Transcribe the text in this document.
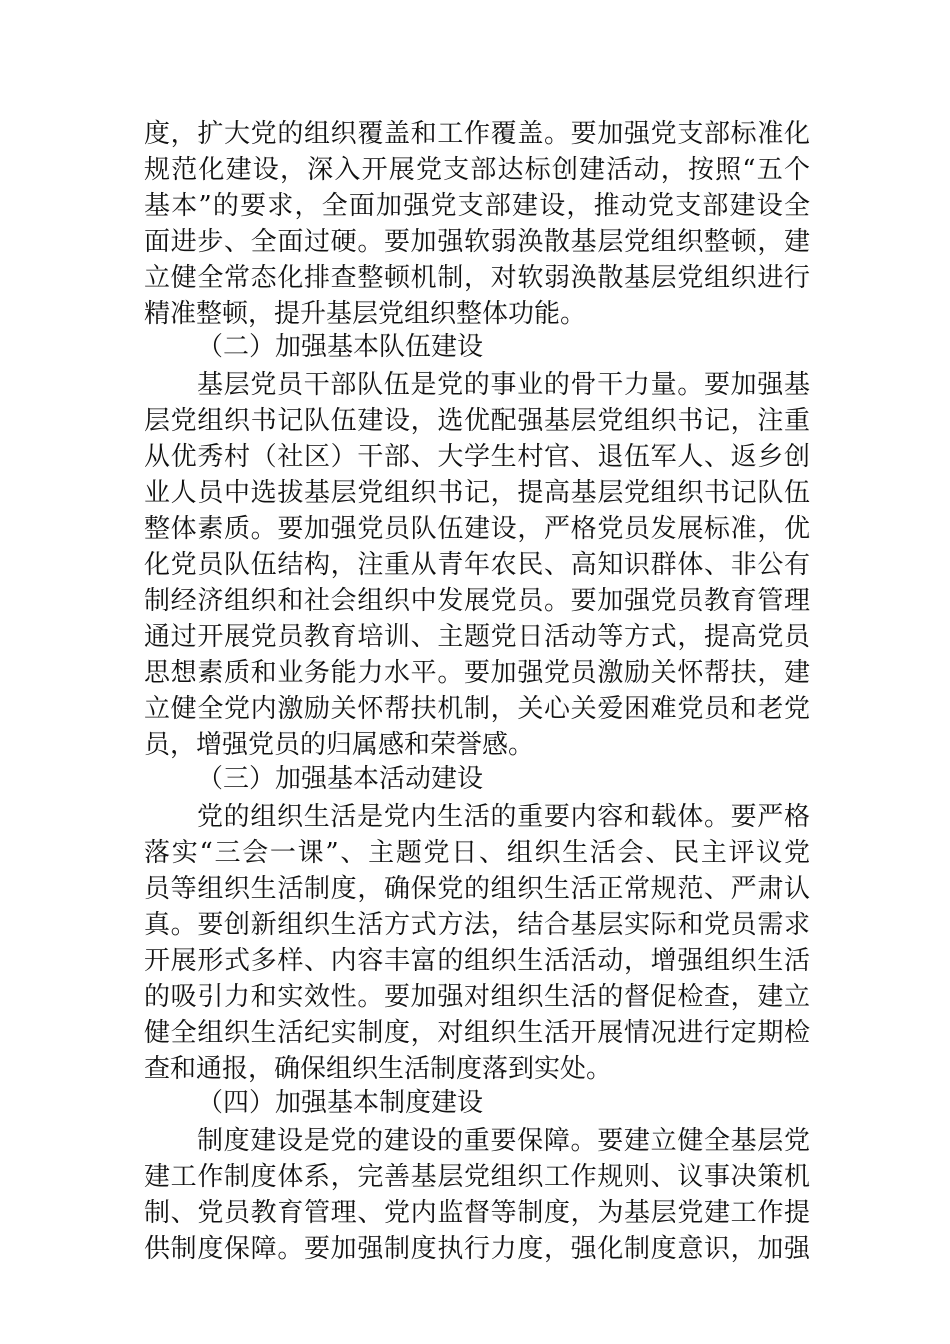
度，扩大党的组织覆盖和工作覆盖。要加强党支部标准化
规范化建设，深入开展党支部达标创建活动，按照“五个
基本”的要求，全面加强党支部建设，推动党支部建设全
面进步、全面过硬。要加强软弱涣散基层党组织整顿，建
立健全常态化排查整顿机制，对软弱涣散基层党组织进行
精准整顿，提升基层党组织整体功能。
（二）加强基本队伍建设
基层党员干部队伍是党的事业的骨干力量。要加强基
层党组织书记队伍建设，选优配强基层党组织书记，注重
从优秀村（社区）干部、大学生村官、退伍军人、返乡创
业人员中选拔基层党组织书记，提高基层党组织书记队伍
整体素质。要加强党员队伍建设，严格党员发展标准，优
化党员队伍结构，注重从青年农民、高知识群体、非公有
制经济组织和社会组织中发展党员。要加强党员教育管理
通过开展党员教育培训、主题党日活动等方式，提高党员
思想素质和业务能力水平。要加强党员激励关怀帮扶，建
立健全党内激励关怀帮扶机制，关心关爱困难党员和老党
员，增强党员的归属感和荣誉感。
（三）加强基本活动建设
党的组织生活是党内生活的重要内容和载体。要严格
落实“三会一课”、主题党日、组织生活会、民主评议党
员等组织生活制度，确保党的组织生活正常规范、严肃认
真。要创新组织生活方式方法，结合基层实际和党员需求
开展形式多样、内容丰富的组织生活活动，增强组织生活
的吸引力和实效性。要加强对组织生活的督促检查，建立
健全组织生活纪实制度，对组织生活开展情况进行定期检
查和通报，确保组织生活制度落到实处。
（四）加强基本制度建设
制度建设是党的建设的重要保障。要建立健全基层党
建工作制度体系，完善基层党组织工作规则、议事决策机
制、党员教育管理、党内监督等制度，为基层党建工作提
供制度保障。要加强制度执行力度，强化制度意识，加强
